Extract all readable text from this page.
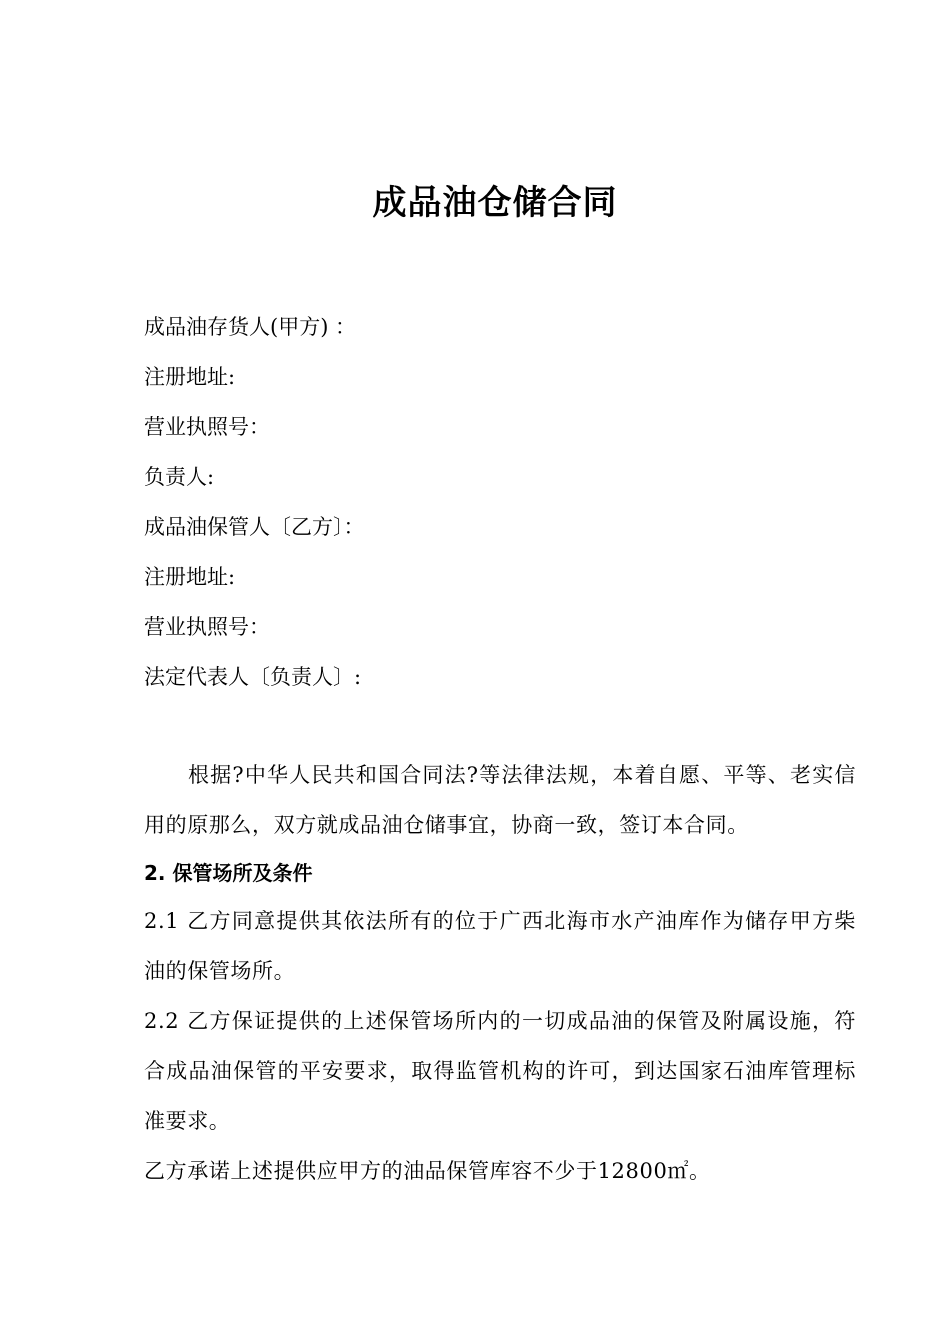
成品油仓储合同
成品油存货人(甲方) ：
注册地址:
营业执照号：
负责人:
成品油保管人〔乙方〕：
注册地址:
营业执照号：
法定代表人〔负责人〕:

根据?中华人民共和国合同法?等法律法规，本着自愿、平等、老实信用的原那么，双方就成品油仓储事宜，协商一致，签订本合同。

2. 保管场所及条件

2.1 乙方同意提供其依法所有的位于广西北海市水产油库作为储存甲方柴油的保管场所。

2.2 乙方保证提供的上述保管场所内的一切成品油的保管及附属设施，符合成品油保管的平安要求，取得监管机构的许可，到达国家石油库管理标准要求。

乙方承诺上述提供应甲方的油品保管库容不少于12800㎡。
